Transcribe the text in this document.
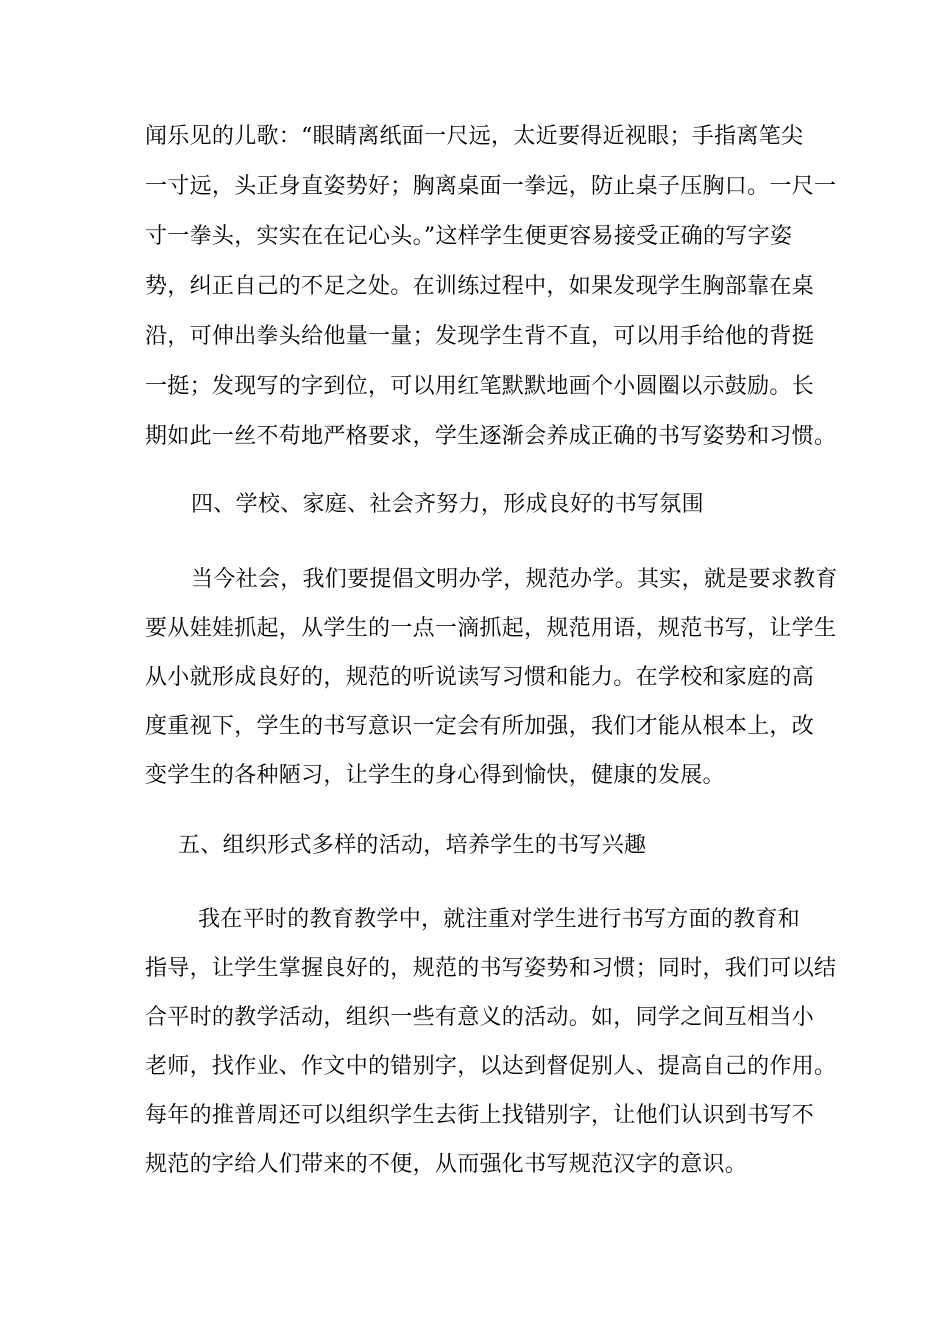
闻乐见的儿歌：“眼睛离纸面一尺远，太近要得近视眼；手指离笔尖
一寸远，头正身直姿势好；胸离桌面一拳远，防止桌子压胸口。一尺一
寸一拳头，实实在在记心头。”这样学生便更容易接受正确的写字姿
势，纠正自己的不足之处。在训练过程中，如果发现学生胸部靠在桌
沿，可伸出拳头给他量一量；发现学生背不直，可以用手给他的背挺
一挺；发现写的字到位，可以用红笔默默地画个小圆圈以示鼓励。长
期如此一丝不苟地严格要求，学生逐渐会养成正确的书写姿势和习惯。
四、学校、家庭、社会齐努力，形成良好的书写氛围
当今社会，我们要提倡文明办学，规范办学。其实，就是要求教育
要从娃娃抓起，从学生的一点一滴抓起，规范用语，规范书写，让学生
从小就形成良好的，规范的听说读写习惯和能力。在学校和家庭的高
度重视下，学生的书写意识一定会有所加强，我们才能从根本上，改
变学生的各种陋习，让学生的身心得到愉快，健康的发展。
五、组织形式多样的活动，培养学生的书写兴趣
我在平时的教育教学中，就注重对学生进行书写方面的教育和
指导，让学生掌握良好的，规范的书写姿势和习惯；同时，我们可以结
合平时的教学活动，组织一些有意义的活动。如，同学之间互相当小
老师，找作业、作文中的错别字，以达到督促别人、提高自己的作用。
每年的推普周还可以组织学生去街上找错别字，让他们认识到书写不
规范的字给人们带来的不便，从而强化书写规范汉字的意识。
